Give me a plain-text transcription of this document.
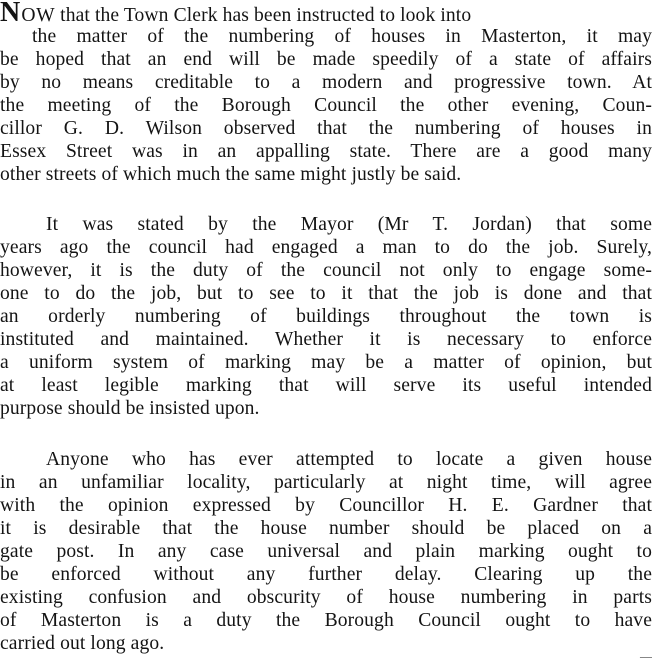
NOW that the Town Clerk has been instructed to look into
the matter of the numbering of houses in Masterton, it may
be hoped that an end will be made speedily of a state of affairs
by no means creditable to a modern and progressive town. At
the meeting of the Borough Council the other evening, Coun-
cillor G. D. Wilson observed that the numbering of houses in
Essex Street was in an appalling state. There are a good many
other streets of which much the same might justly be said.
It was stated by the Mayor (Mr T. Jordan) that some
years ago the council had engaged a man to do the job. Surely,
however, it is the duty of the council not only to engage some-
one to do the job, but to see to it that the job is done and that
an orderly numbering of buildings throughout the town is
instituted and maintained. Whether it is necessary to enforce
a uniform system of marking may be a matter of opinion, but
at least legible marking that will serve its useful intended
purpose should be insisted upon.
Anyone who has ever attempted to locate a given house
in an unfamiliar locality, particularly at night time, will agree
with the opinion expressed by Councillor H. E. Gardner that
it is desirable that the house number should be placed on a
gate post. In any case universal and plain marking ought to
be enforced without any further delay. Clearing up the
existing confusion and obscurity of house numbering in parts
of Masterton is a duty the Borough Council ought to have
carried out long ago.
—
